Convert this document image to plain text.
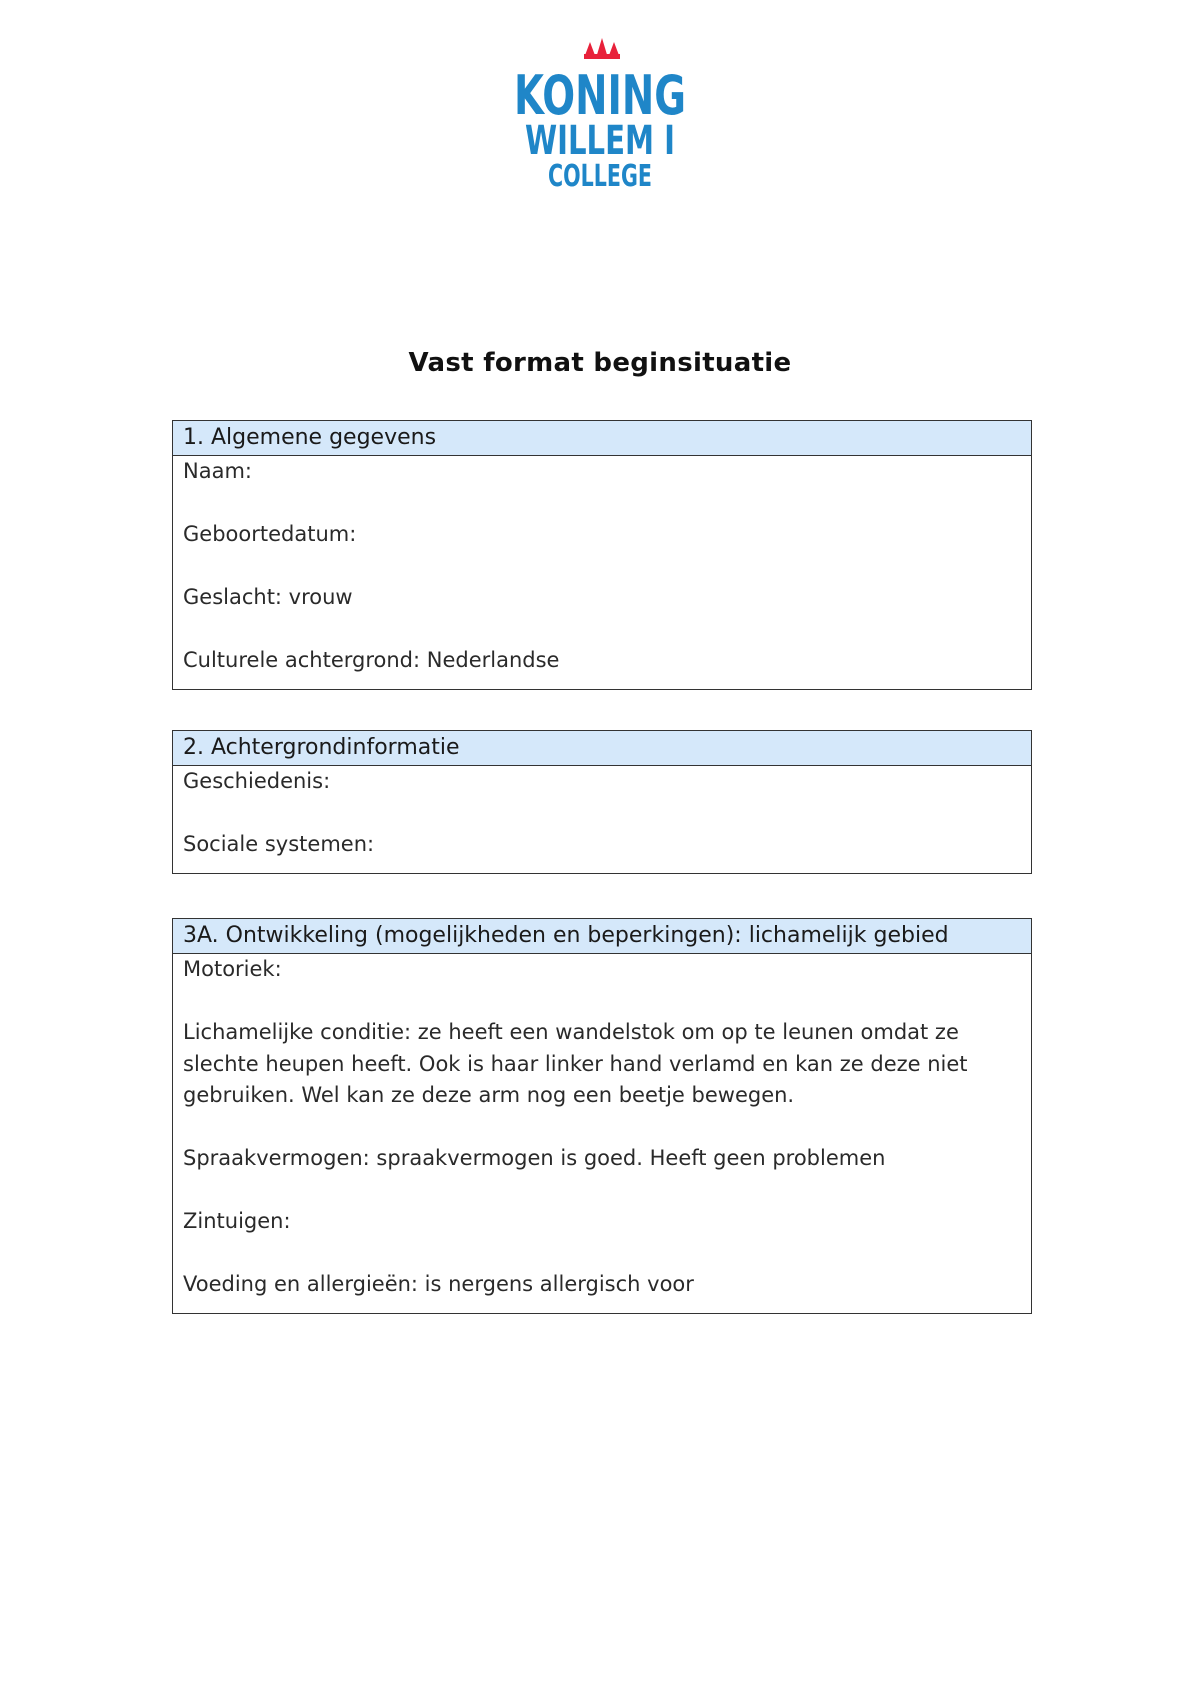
KONING
WILLEM I
COLLEGE
Vast format beginsituatie
1. Algemene gegevens
Naam:
Geboortedatum:
Geslacht: vrouw
Culturele achtergrond: Nederlandse
2. Achtergrondinformatie
Geschiedenis:
Sociale systemen:
3A. Ontwikkeling (mogelijkheden en beperkingen): lichamelijk gebied
Motoriek:
Lichamelijke conditie: ze heeft een wandelstok om op te leunen omdat ze slechte heupen heeft. Ook is haar linker hand verlamd en kan ze deze niet gebruiken. Wel kan ze deze arm nog een beetje bewegen.
Spraakvermogen: spraakvermogen is goed. Heeft geen problemen
Zintuigen:
Voeding en allergieën: is nergens allergisch voor
